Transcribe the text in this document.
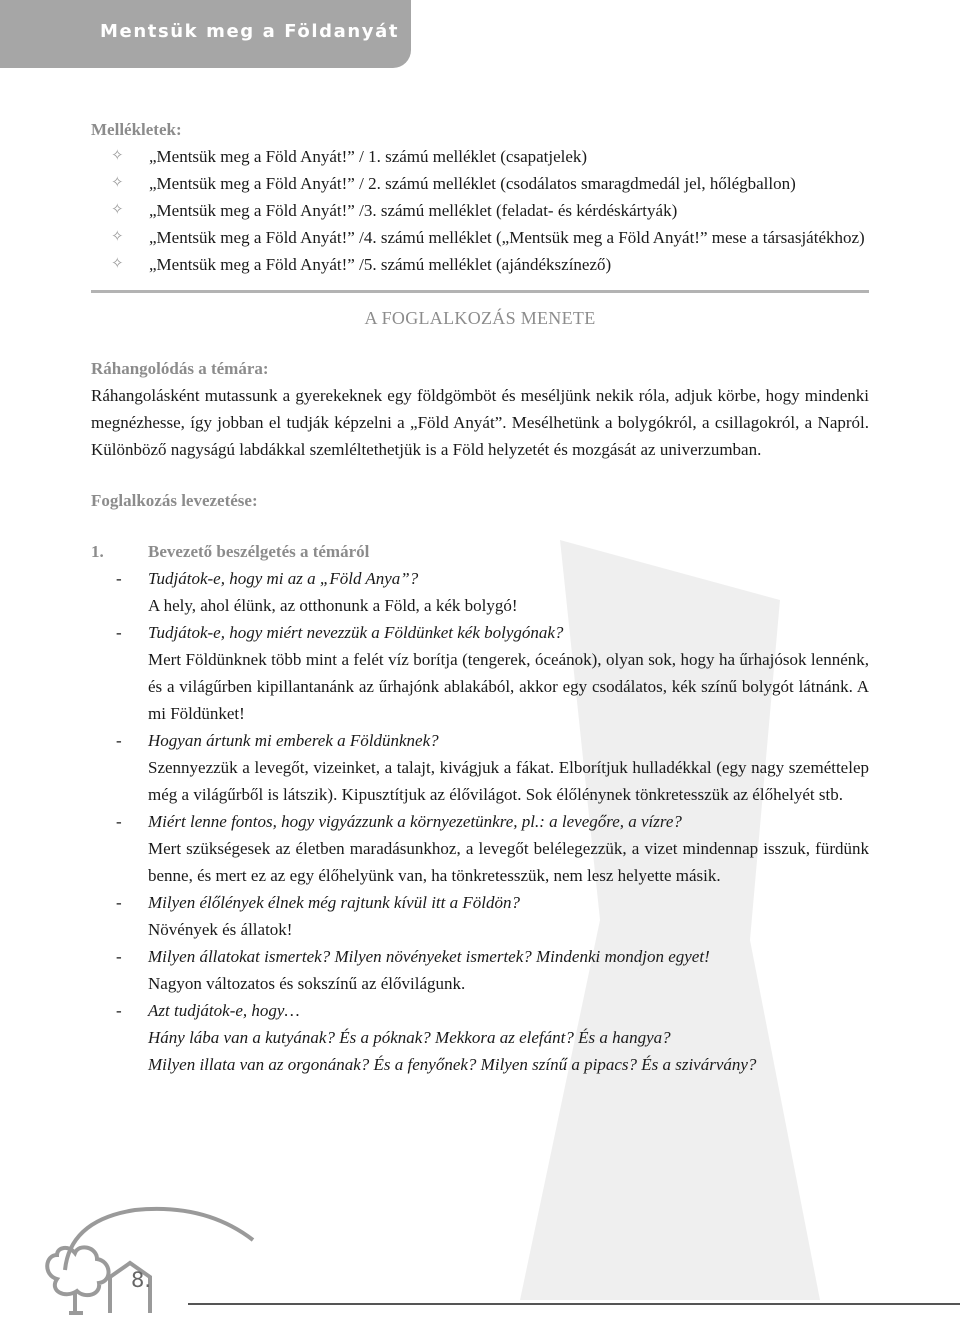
Mentsük meg a Földanyát
Mellékletek:
✧ „Mentsük meg a Föld Anyát!” / 1. számú melléklet (csapatjelek)
✧ „Mentsük meg a Föld Anyát!” / 2. számú melléklet (csodálatos smaragdmedál jel, hőlégballon)
✧ „Mentsük meg a Föld Anyát!” /3. számú melléklet (feladat- és kérdéskártyák)
✧ „Mentsük meg a Föld Anyát!” /4. számú melléklet („Mentsük meg a Föld Anyát!” mese a társasjátékhoz)
✧ „Mentsük meg a Föld Anyát!” /5. számú melléklet (ajándékszínező)
A FOGLALKOZÁS MENETE
Ráhangolódás a témára:
Ráhangolásként mutassunk a gyerekeknek egy földgömböt és meséljünk nekik róla, adjuk körbe, hogy mindenki megnézhesse, így jobban el tudják képzelni a „Föld Anyát”. Mesélhetünk a bolygókról, a csillagokról, a Napról. Különböző nagyságú labdákkal szemléltethetjük is a Föld helyzetét és mozgását az univerzumban.
Foglalkozás levezetése:
1.	Bevezető beszélgetés a témáról
- Tudjátok-e, hogy mi az a „Föld Anya”?
A hely, ahol élünk, az otthonunk a Föld, a kék bolygó!
- Tudjátok-e, hogy miért nevezzük a Földünket kék bolygónak?
Mert Földünknek több mint a felét víz borítja (tengerek, óceánok), olyan sok, hogy ha űrhajósok lennénk, és a világűrben kipillantanánk az űrhajónk ablakából, akkor egy csodálatos, kék színű bolygót látnánk. A mi Földünket!
- Hogyan ártunk mi emberek a Földünknek?
Szennyezzük a levegőt, vizeinket, a talajt, kivágjuk a fákat. Elborítjuk hulladékkal (egy nagy szeméttelep még a világűrből is látszik). Kipusztítjuk az élővilágot. Sok élőlénynek tönkretesszük az élőhelyét stb.
- Miért lenne fontos, hogy vigyázzunk a környezetünkre, pl.: a levegőre, a vízre?
Mert szükségesek az életben maradásunkhoz, a levegőt belélegezzük, a vizet mindennap isszuk, fürdünk benne, és mert ez az egy élőhelyünk van, ha tönkretesszük, nem lesz helyette másik.
- Milyen élőlények élnek még rajtunk kívül itt a Földön?
Növények és állatok!
- Milyen állatokat ismertek? Milyen növényeket ismertek? Mindenki mondjon egyet!
Nagyon változatos és sokszínű az élővilágunk.
- Azt tudjátok-e, hogy…
Hány lába van a kutyának? És a póknak? Mekkora az elefánt? És a hangya?
Milyen illata van az orgonának? És a fenyőnek? Milyen színű a pipacs? És a szivárvány?
8.
